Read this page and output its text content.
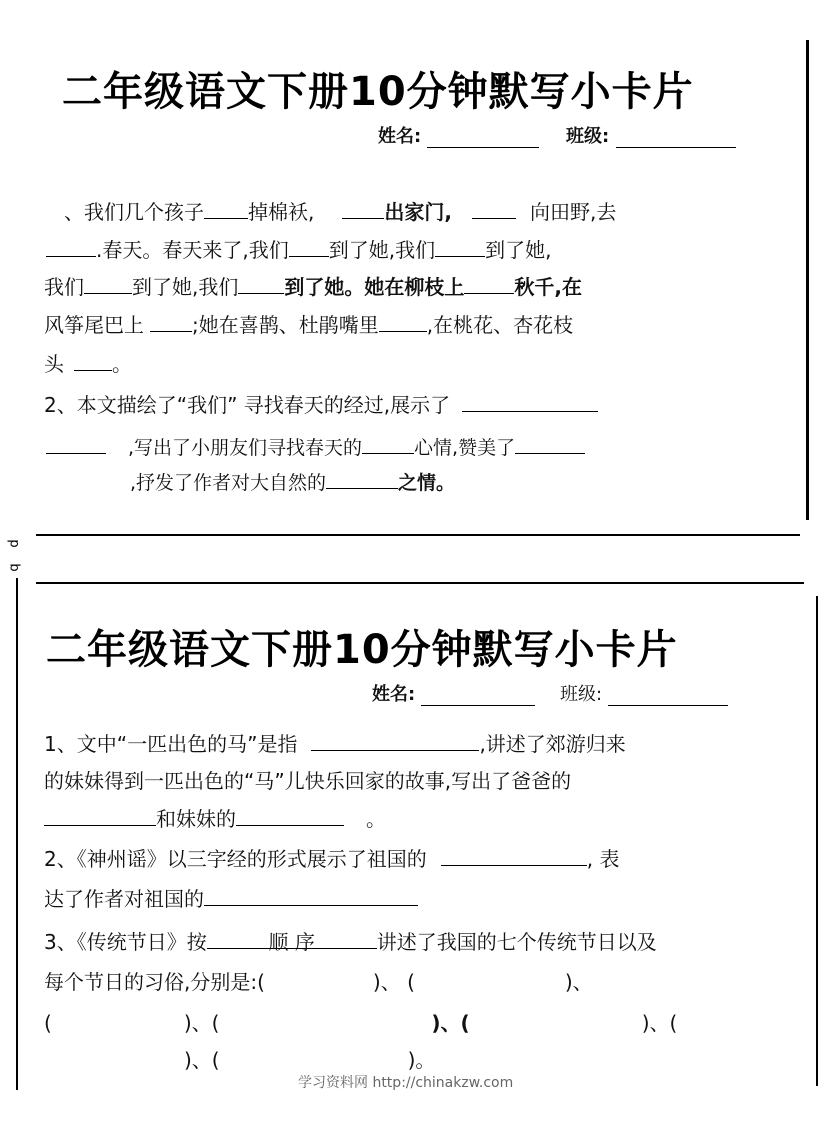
二年级语文下册10分钟默写小卡片
姓名:	班级:
、我们几个孩子 掉棉袄,	出家门,	向田野,去
.春天。春天来了,我们 到了她,我们	到了她,
我们 到了她,我们 到了她。她在柳枝上	秋千,在
风筝尾巴上 ;她在喜鹊、杜鹃嘴里 ,在桃花、杏花枝
头 。
2、本文描绘了“我们” 寻找春天的经过,展示了
,写出了小朋友们寻找春天的	心情,赞美了
,抒发了作者对大自然的	之情。
p
b
二年级语文下册10分钟默写小卡片
姓名:	班级:
1、文中“一匹出色的马”是指	,讲述了郊游归来
的妹妹得到一匹出色的“马”儿快乐回家的故事,写出了爸爸的
和妹妹的	。
2、《神州谣》以三字经的形式展示了祖国的	, 表
达了作者对祖国的
3、《传统节日》按	顺 序	讲述了我国的七个传统节日以及
每个节日的习俗,分别是:(	)、 (	)、
(	)、(	)、(	)、(
)、(	)。
学习资料网 http://chinakzw.com
